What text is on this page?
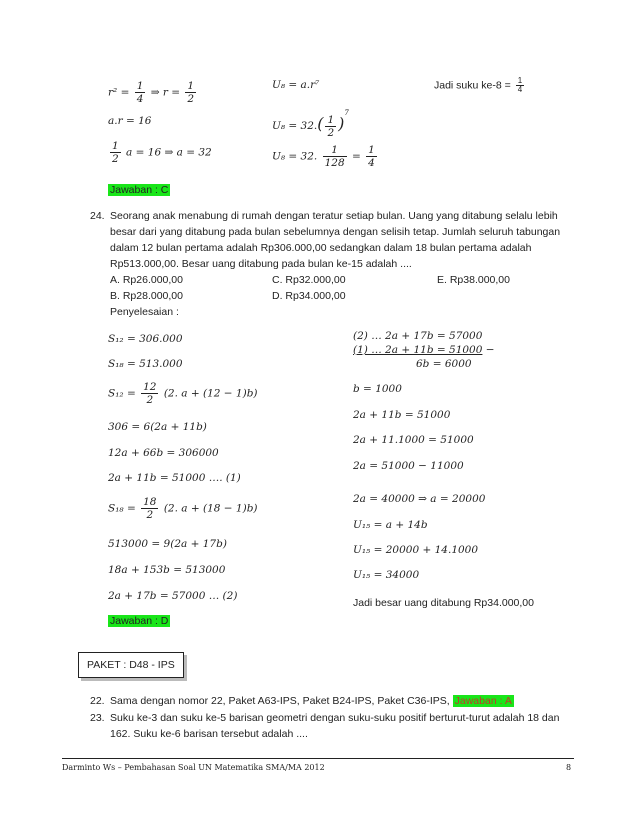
$r^2 = \frac{1}{4}$ ⇒ $r = \frac{1}{2}$
a.r = 16
$\frac{1}{2}$ a = 16 ⇒ a = 32
U₈ = a.r⁷
$U_8 = 32.( \frac{1}{2} )^7$
U₈ = 32. $\frac{1}{128} = \frac{1}{4}$
Jadi suku $ke-8 = \frac{1}{4}$
Jawaban : C
24. Seorang anak menabung di rumah dengan teratur setiap bulan. Uang yang ditabung selalu lebih
besar dari yang ditabung pada bulan sebelumnya dengan selisih tetap. Jumlah seluruh tabungan
dalam 12 bulan pertama adalah Rp306.000,00 sedangkan dalam 18 bulan pertama adalah
Rp513.000,00. Besar uang ditabung pada bulan ke-15 adalah ....
A. Rp26.000,00	C. Rp32.000,00	E. Rp38.000,00
B. Rp28.000,00	D. Rp34.000,00
Penyelesaian :
S₁₂ = 306.000
S₁₈ = 513.000
$S_{12} = \frac{12}{2} (2$. a + (12 − 1)b)
306 = 6(2a + 11b)
12a + 66b = 306000
2a + 11b = 51000 …. (1)
$S_{18} = \frac{18}{2} (2$. a + (18 − 1)b)
513000 = 9(2a + 17b)
18a + 153b = 513000
2a + 17b = 57000 … (2)
Jawaban : D
(2) … 2a + 17b = 57000
(1) … 2a + 11b = 51000 −
6b = 6000
b = 1000
2a + 11b = 51000
2a + 11.1000 = 51000
2a = 51000 − 11000
2a = 40000 ⇒ a = 20000
U₁₅ = a + 14b
U₁₅ = 20000 + 14.1000
U₁₅ = 34000
Jadi besar uang ditabung Rp34.000,00
PAKET : D48 - IPS
22. Sama dengan nomor 22, Paket A63-IPS, Paket B24-IPS, Paket C36-IPS, Jawaban : A
23. Suku ke-3 dan suku ke-5 barisan geometri dengan suku-suku positif berturut-turut adalah 18 dan
162. Suku ke-6 barisan tersebut adalah ....
Darminto Ws – Pembahasan Soal UN Matematika SMA/MA 2012	8
